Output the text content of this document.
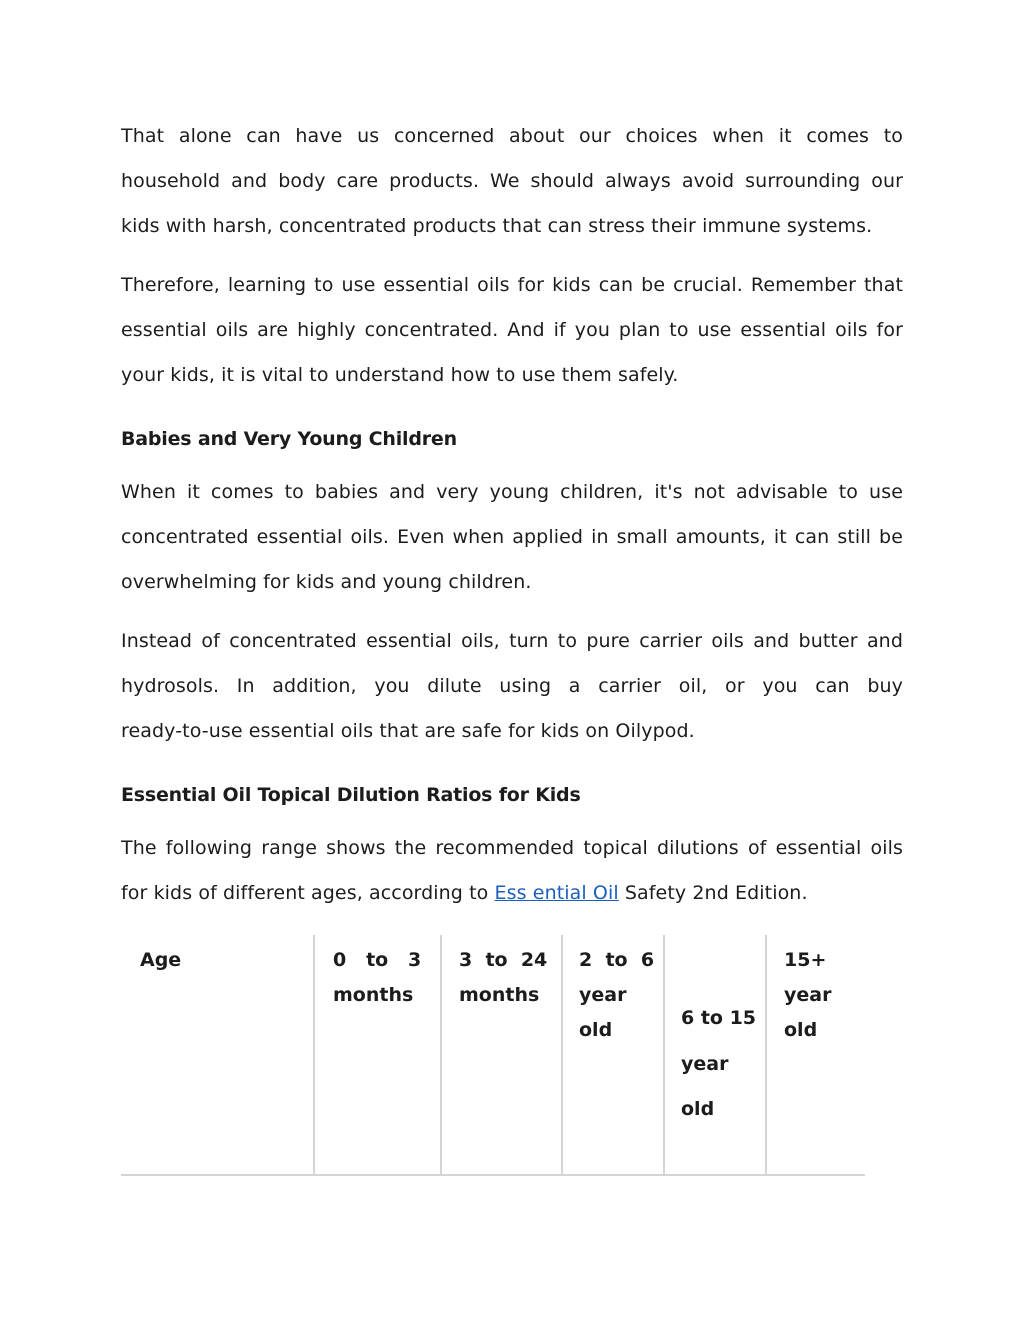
That alone can have us concerned about our choices when it comes to
household and body care products. We should always avoid surrounding our
kids with harsh, concentrated products that can stress their immune systems.
Therefore, learning to use essential oils for kids can be crucial. Remember that
essential oils are highly concentrated. And if you plan to use essential oils for
your kids, it is vital to understand how to use them safely.
Babies and Very Young Children
When it comes to babies and very young children, it's not advisable to use
concentrated essential oils. Even when applied in small amounts, it can still be
overwhelming for kids and young children.
Instead of concentrated essential oils, turn to pure carrier oils and butter and
hydrosols. In addition, you dilute using a carrier oil, or you can buy
ready-to-use essential oils that are safe for kids on Oilypod.
Essential Oil Topical Dilution Ratios for Kids
The following range shows the recommended topical dilutions of essential oils
for kids of different ages, according to Ess ential Oil Safety 2nd Edition.
Age	0   to   3
months
3  to  24
months
2  to  6
year
old
6 to 15
year
old
15+
year
old
